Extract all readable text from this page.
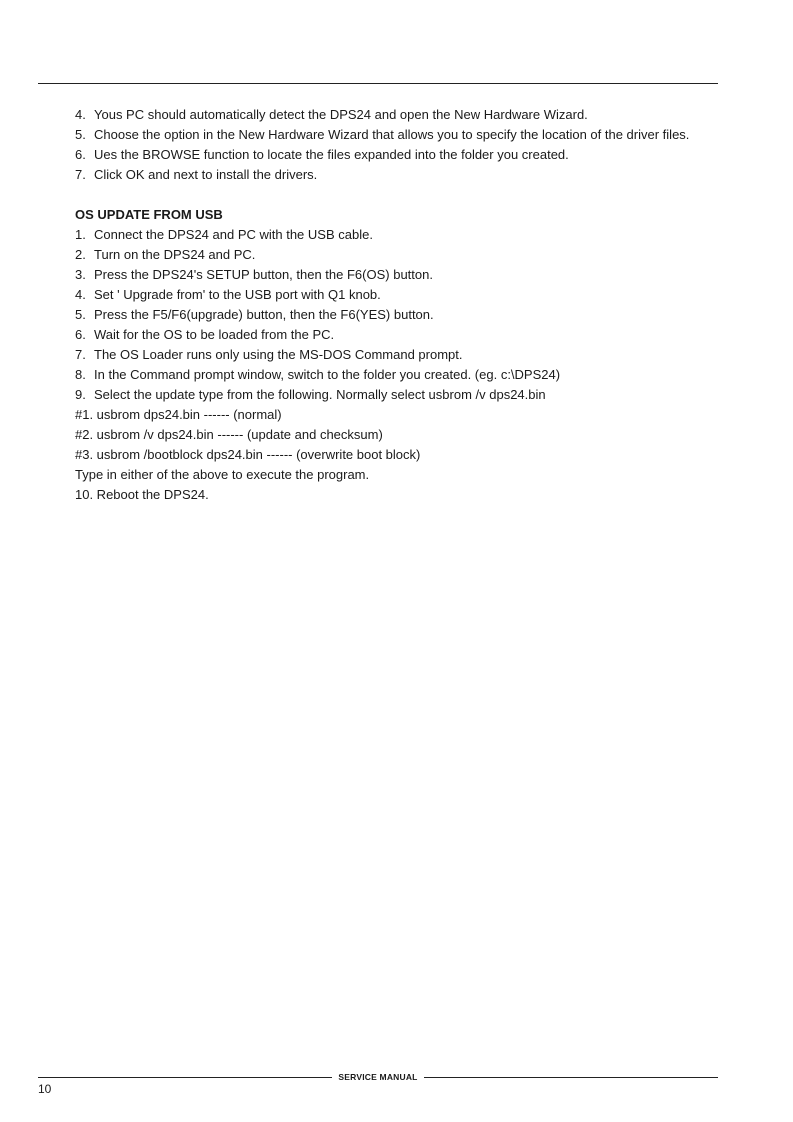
4. Yous PC should automatically detect the DPS24 and open the New Hardware Wizard.
5. Choose the option in the New Hardware Wizard that allows you to specify the location of the driver files.
6. Ues the BROWSE function to locate the files expanded into the folder you created.
7. Click OK and next to install the drivers.
OS UPDATE FROM USB
1. Connect the DPS24 and PC with the USB cable.
2. Turn on the DPS24 and PC.
3. Press the DPS24's SETUP button, then the F6(OS) button.
4. Set ' Upgrade from' to the USB port with Q1 knob.
5. Press the F5/F6(upgrade) button, then the F6(YES) button.
6. Wait for the OS to be loaded from the PC.
7. The OS Loader runs only using the MS-DOS Command prompt.
8. In the Command prompt window, switch to the folder you created. (eg. c:\DPS24)
9. Select the update type from the following. Normally select usbrom /v dps24.bin
#1. usbrom dps24.bin ------ (normal)
#2. usbrom /v dps24.bin ------ (update and checksum)
#3. usbrom /bootblock dps24.bin ------ (overwrite boot block)
Type in either of the above to execute the program.
10. Reboot the DPS24.
SERVICE MANUAL
10
